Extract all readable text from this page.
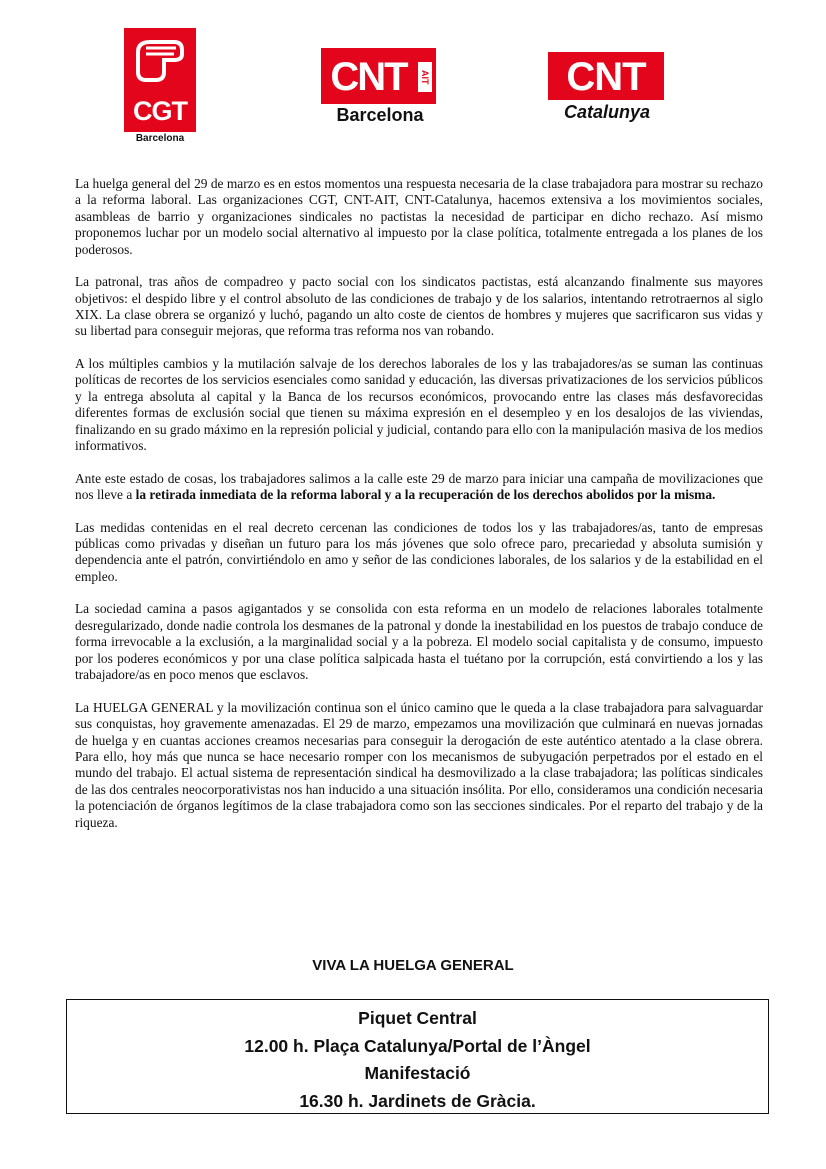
CGT
Barcelona
CNT	AIT
Barcelona
CNT
Catalunya

La huelga general del 29 de marzo es en estos momentos una respuesta necesaria de la clase trabajadora para mostrar su rechazo a la reforma laboral. Las organizaciones CGT, CNT-AIT, CNT-Catalunya, hacemos extensiva a los movimientos sociales, asambleas de barrio y organizaciones sindicales no pactistas la necesidad de participar en dicho rechazo. Así mismo proponemos luchar por un modelo social alternativo al impuesto por la clase política, totalmente entregada a los planes de los poderosos.

La patronal, tras años de compadreo y pacto social con los sindicatos pactistas, está alcanzando finalmente sus mayores objetivos: el despido libre y el control absoluto de las condiciones de trabajo y de los salarios, intentando retrotraernos al siglo XIX. La clase obrera se organizó y luchó, pagando un alto coste de cientos de hombres y mujeres que sacrificaron sus vidas y su libertad para conseguir mejoras, que reforma tras reforma nos van robando.

A los múltiples cambios y la mutilación salvaje de los derechos laborales de los y las trabajadores/as se suman las continuas políticas de recortes de los servicios esenciales como sanidad y educación, las diversas privatizaciones de los servicios públicos y la entrega absoluta al capital y la Banca de los recursos económicos, provocando entre las clases más desfavorecidas diferentes formas de exclusión social que tienen su máxima expresión en el desempleo y en los desalojos de las viviendas, finalizando en su grado máximo en la represión policial y judicial, contando para ello con la manipulación masiva de los medios informativos.

Ante este estado de cosas, los trabajadores salimos a la calle este 29 de marzo para iniciar una campaña de movilizaciones que nos lleve a la retirada inmediata de la reforma laboral y a la recuperación de los derechos abolidos por la misma.

Las medidas contenidas en el real decreto cercenan las condiciones de todos los y las trabajadores/as, tanto de empresas públicas como privadas y diseñan un futuro para los más jóvenes que solo ofrece paro, precariedad y absoluta sumisión y dependencia ante el patrón, convirtiéndolo en amo y señor de las condiciones laborales, de los salarios y de la estabilidad en el empleo.

La sociedad camina a pasos agigantados y se consolida con esta reforma en un modelo de relaciones laborales totalmente desregularizado, donde nadie controla los desmanes de la patronal y donde la inestabilidad en los puestos de trabajo conduce de forma irrevocable a la exclusión, a la marginalidad social y a la pobreza. El modelo social capitalista y de consumo, impuesto por los poderes económicos y por una clase política salpicada hasta el tuétano por la corrupción, está convirtiendo a los y las trabajadore/as en poco menos que esclavos.

La HUELGA GENERAL y la movilización continua son el único camino que le queda a la clase trabajadora para salvaguardar sus conquistas, hoy gravemente amenazadas. El 29 de marzo, empezamos una movilización que culminará en nuevas jornadas de huelga y en cuantas acciones creamos necesarias para conseguir la derogación de este auténtico atentado a la clase obrera. Para ello, hoy más que nunca se hace necesario romper con los mecanismos de subyugación perpetrados por el estado en el mundo del trabajo. El actual sistema de representación sindical ha desmovilizado a la clase trabajadora; las políticas sindicales de las dos centrales neocorporativistas nos han inducido a una situación insólita. Por ello, consideramos una condición necesaria la potenciación de órganos legítimos de la clase trabajadora como son las secciones sindicales. Por el reparto del trabajo y de la riqueza.

VIVA LA HUELGA GENERAL
Piquet Central
12.00 h. Plaça Catalunya/Portal de l’Àngel
Manifestació
16.30 h. Jardinets de Gràcia.
